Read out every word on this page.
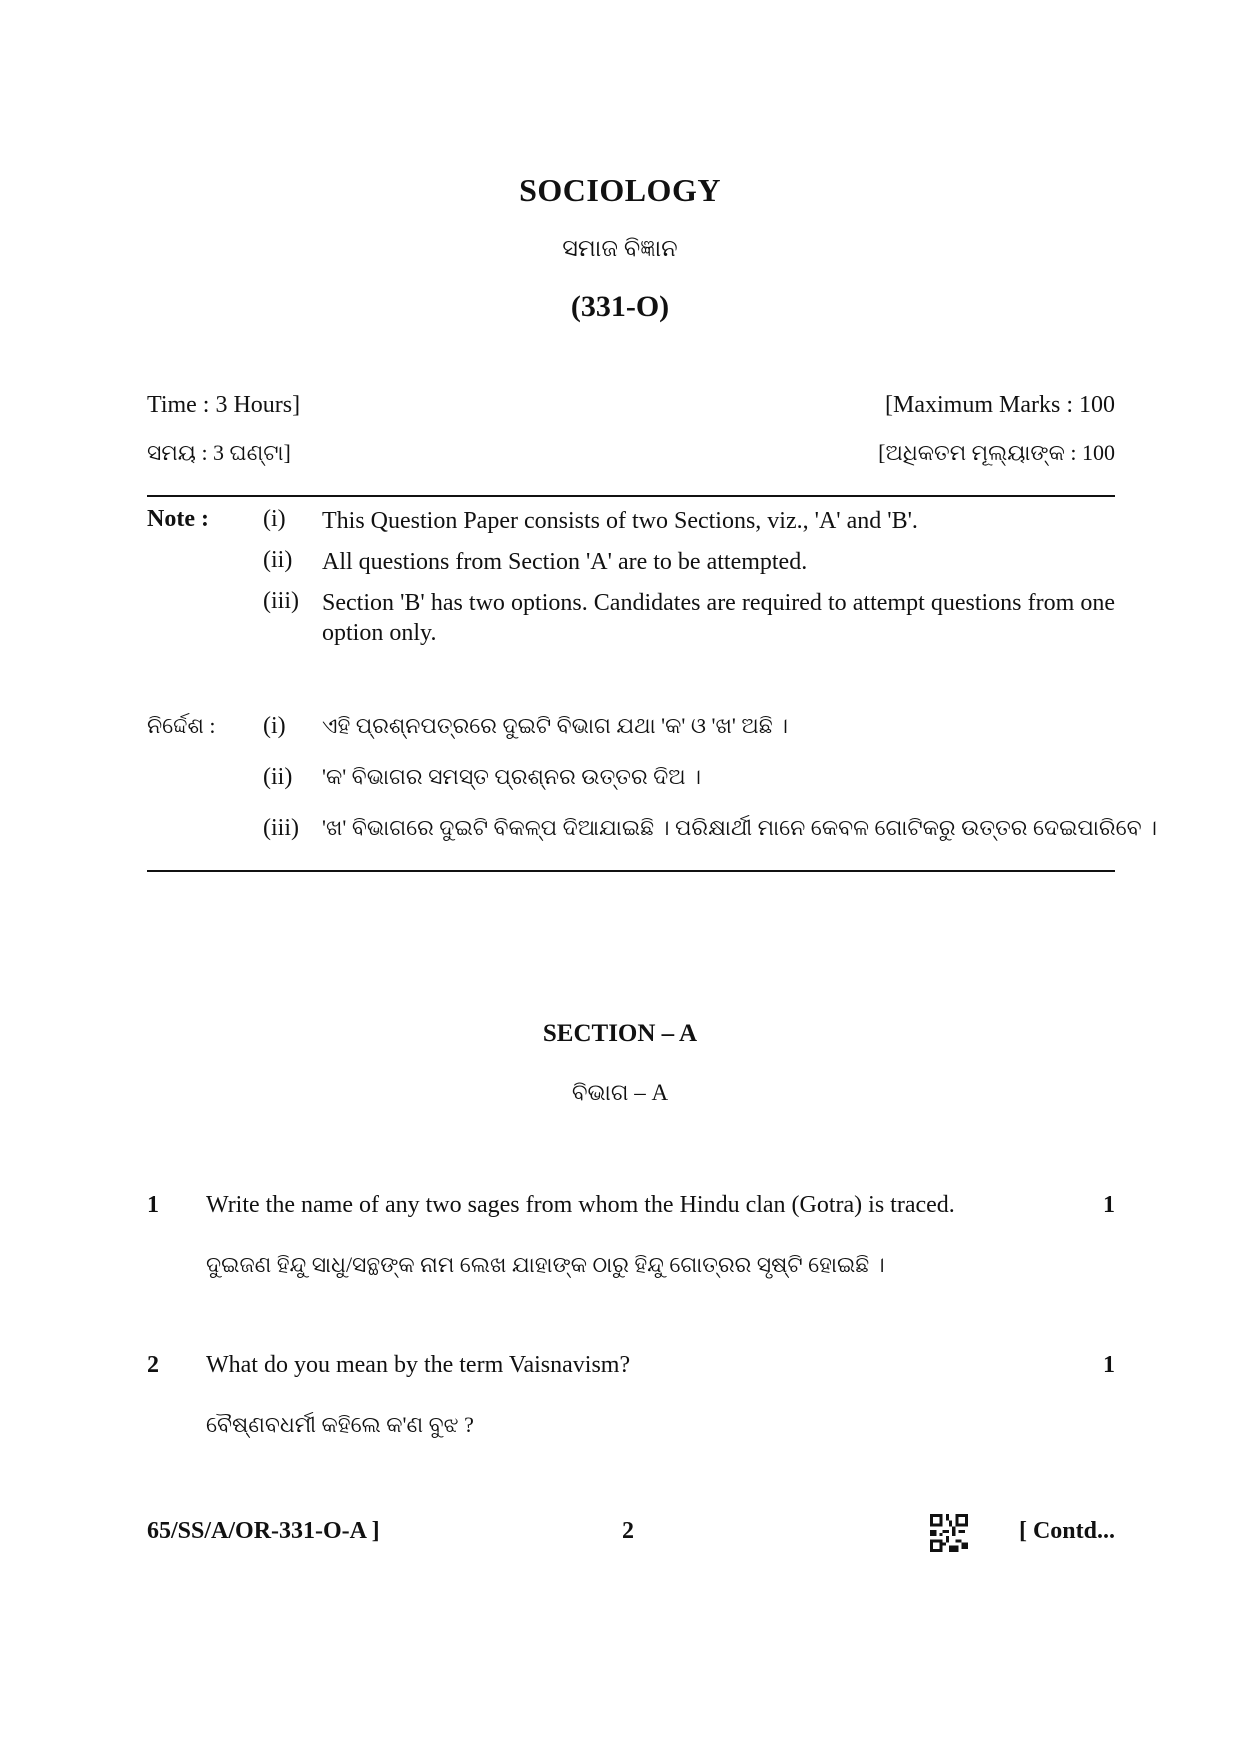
SOCIOLOGY
ସମାଜ ବିଜ୍ଞାନ
(331-O)
Time : 3 Hours]	[Maximum Marks : 100
ସମୟ : 3 ଘଣ୍ଟା]	[ଅଧିକତମ ମୂଲ୍ୟାଙ୍କ : 100
Note : (i) This Question Paper consists of two Sections, viz., 'A' and 'B'.
(ii) All questions from Section 'A' are to be attempted.
(iii) Section 'B' has two options. Candidates are required to attempt questions from one option only.
ନିର୍ଦ୍ଦେଶ : (i) ଏହି ପ୍ରଶ୍ନପତ୍ରରେ ଦୁଇଟି ବିଭାଗ ଯଥା 'କ' ଓ 'ଖ' ଅଛି ।
(ii) 'କ' ବିଭାଗର ସମସ୍ତ ପ୍ରଶ୍ନର ଉତ୍ତର ଦିଅ ।
(iii) 'ଖ' ବିଭାଗରେ ଦୁଇଟି ବିକଳ୍ପ ଦିଆଯାଇଛି । ପରିକ୍ଷାର୍ଥୀ ମାନେ କେବଳ ଗୋଟିକରୁ ଉତ୍ତର ଦେଇପାରିବେ ।
SECTION – A
ବିଭାଗ – A
1 Write the name of any two sages from whom the Hindu clan (Gotra) is traced.	1
ଦୁଇଜଣ ହିନ୍ଦୁ ସାଧୁ/ସନ୍ଥଙ୍କ ନାମ ଲେଖ ଯାହାଙ୍କ ଠାରୁ ହିନ୍ଦୁ ଗୋତ୍ରର ସୃଷ୍ଟି ହୋଇଛି ।
2 What do you mean by the term Vaisnavism?	1
ବୈଷ୍ଣବଧର୍ମୀ କହିଲେ କ'ଣ ବୁଝ ?
65/SS/A/OR-331-O-A ]	2	[ Contd...
